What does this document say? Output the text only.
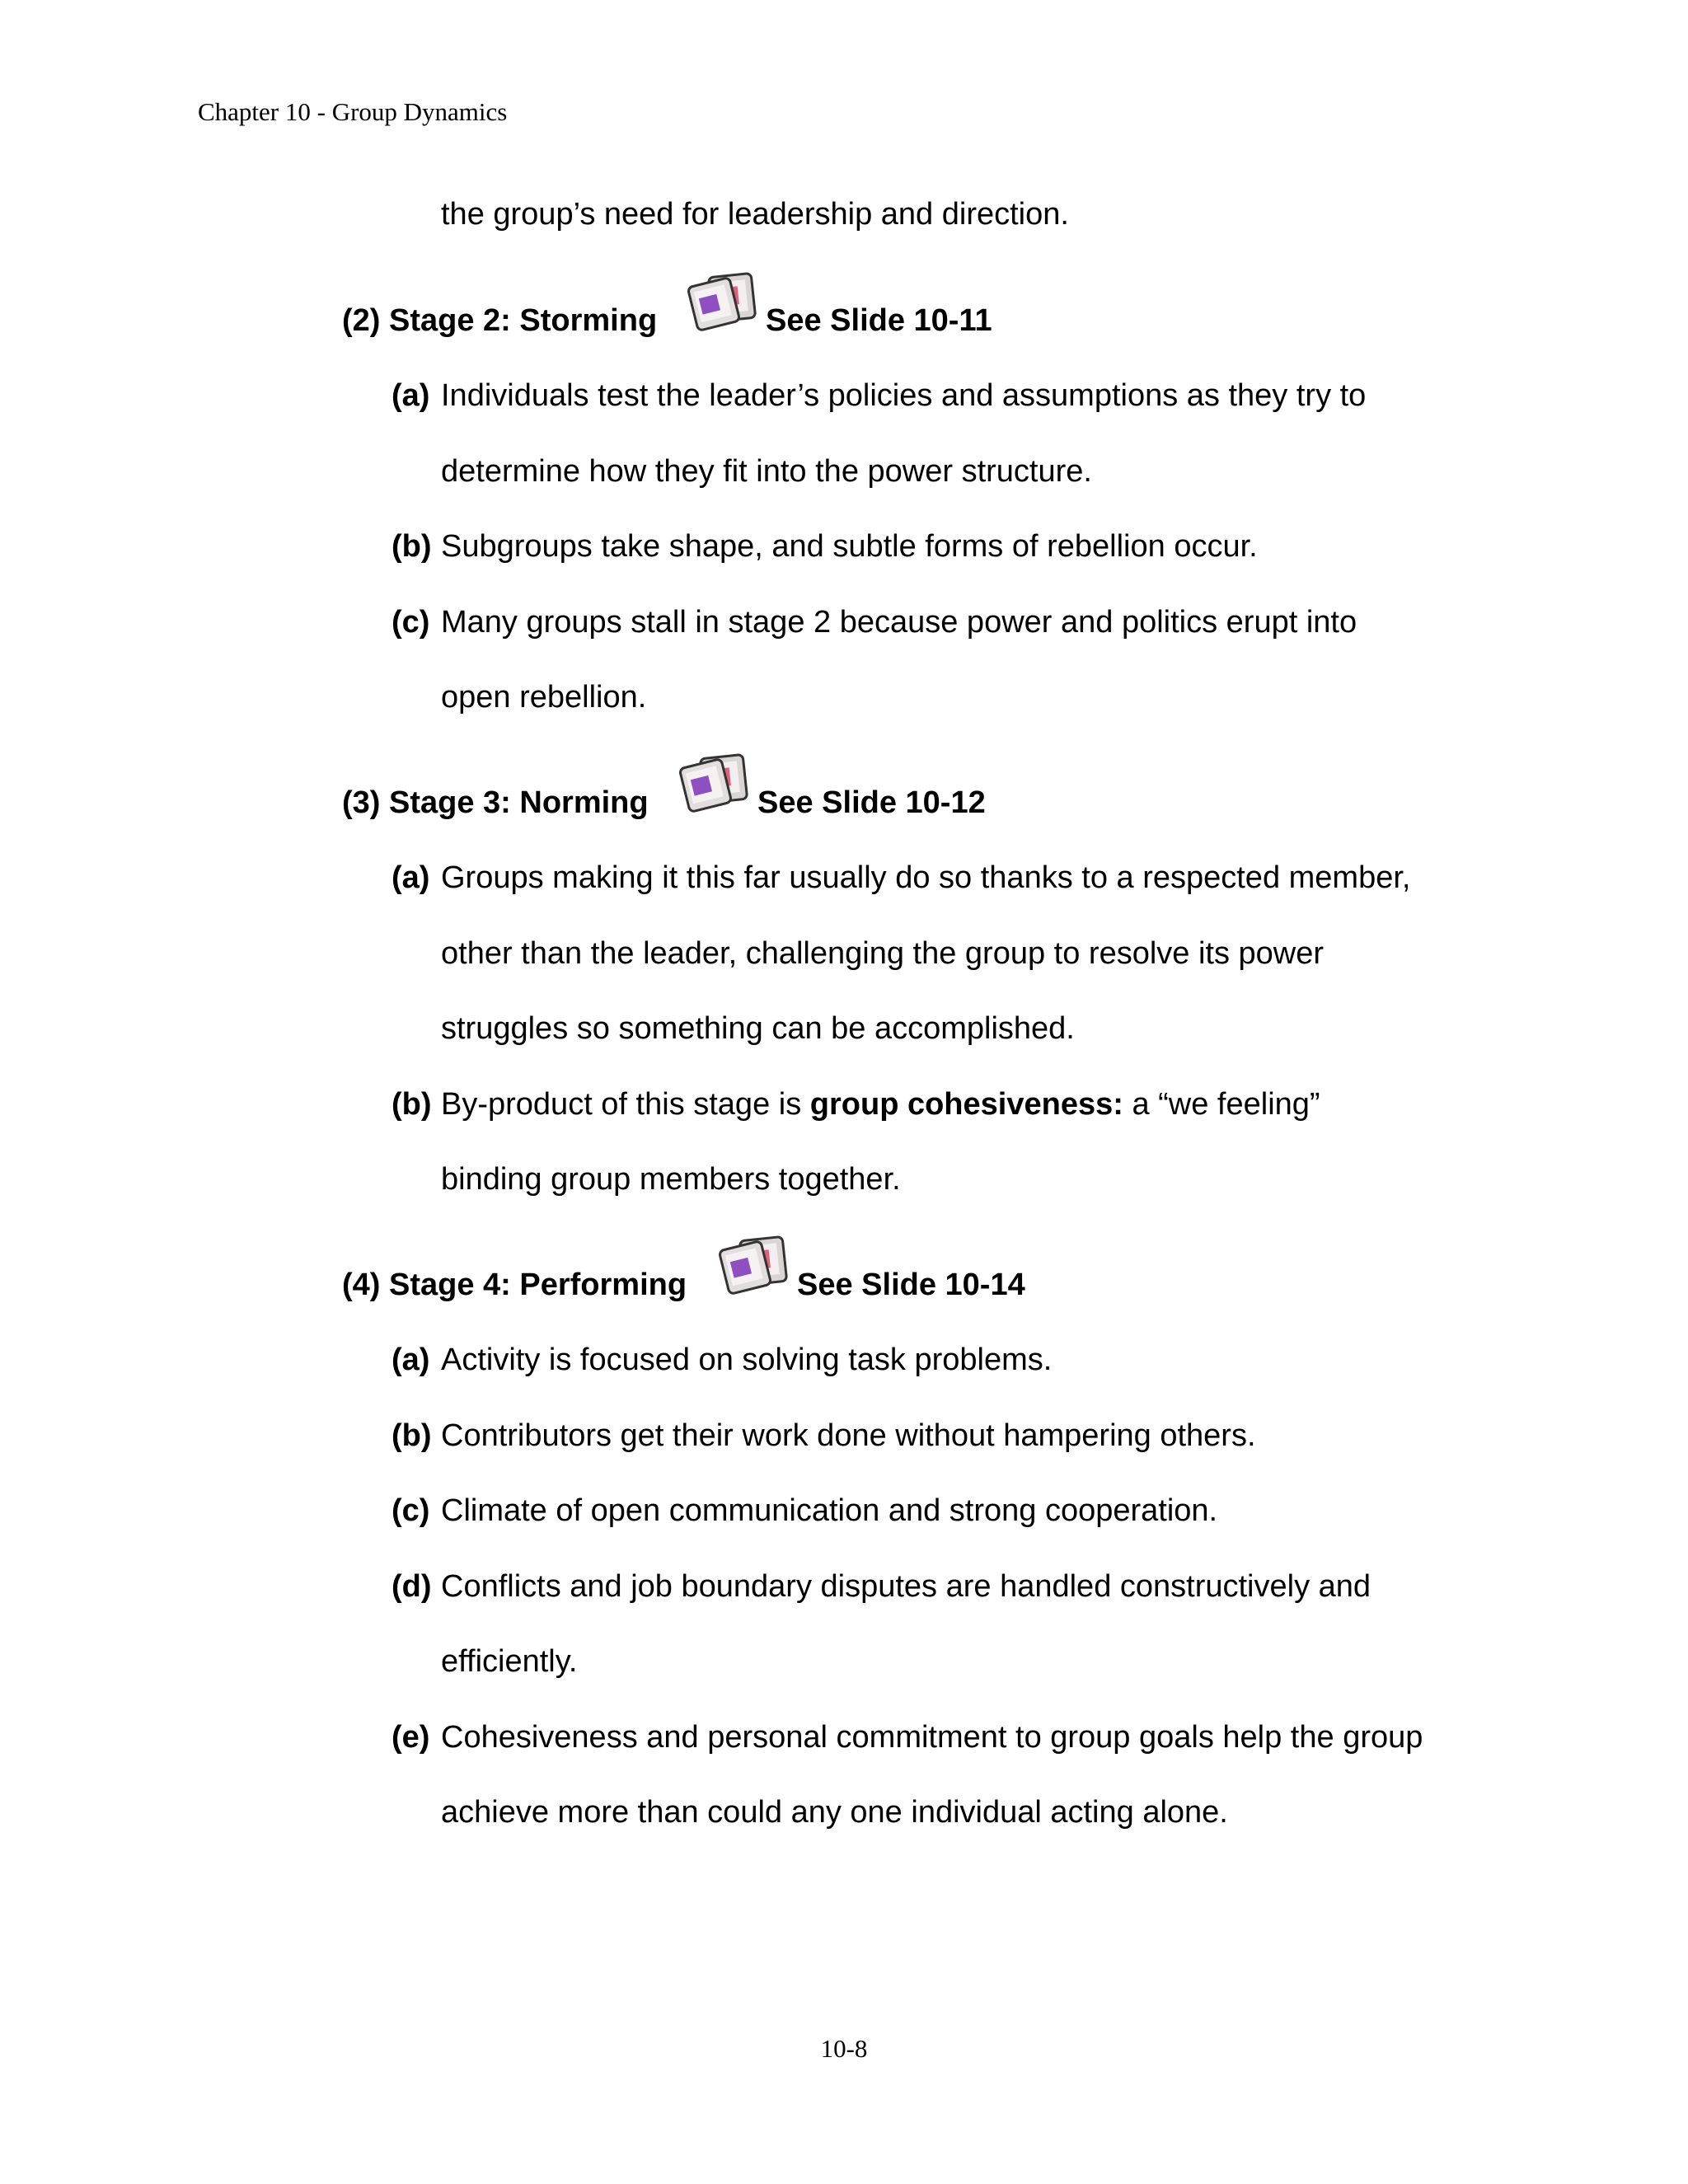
Chapter 10 - Group Dynamics
the group’s need for leadership and direction.
(2) Stage 2: Storming	See Slide 10-11
(a) Individuals test the leader’s policies and assumptions as they try to
determine how they fit into the power structure.
(b) Subgroups take shape, and subtle forms of rebellion occur.
(c) Many groups stall in stage 2 because power and politics erupt into
open rebellion.
(3) Stage 3: Norming	See Slide 10-12
(a) Groups making it this far usually do so thanks to a respected member,
other than the leader, challenging the group to resolve its power
struggles so something can be accomplished.
(b) By-product of this stage is group cohesiveness: a “we feeling”
binding group members together.
(4) Stage 4: Performing	See Slide 10-14
(a) Activity is focused on solving task problems.
(b) Contributors get their work done without hampering others.
(c) Climate of open communication and strong cooperation.
(d) Conflicts and job boundary disputes are handled constructively and
efficiently.
(e) Cohesiveness and personal commitment to group goals help the group
achieve more than could any one individual acting alone.
10-8
